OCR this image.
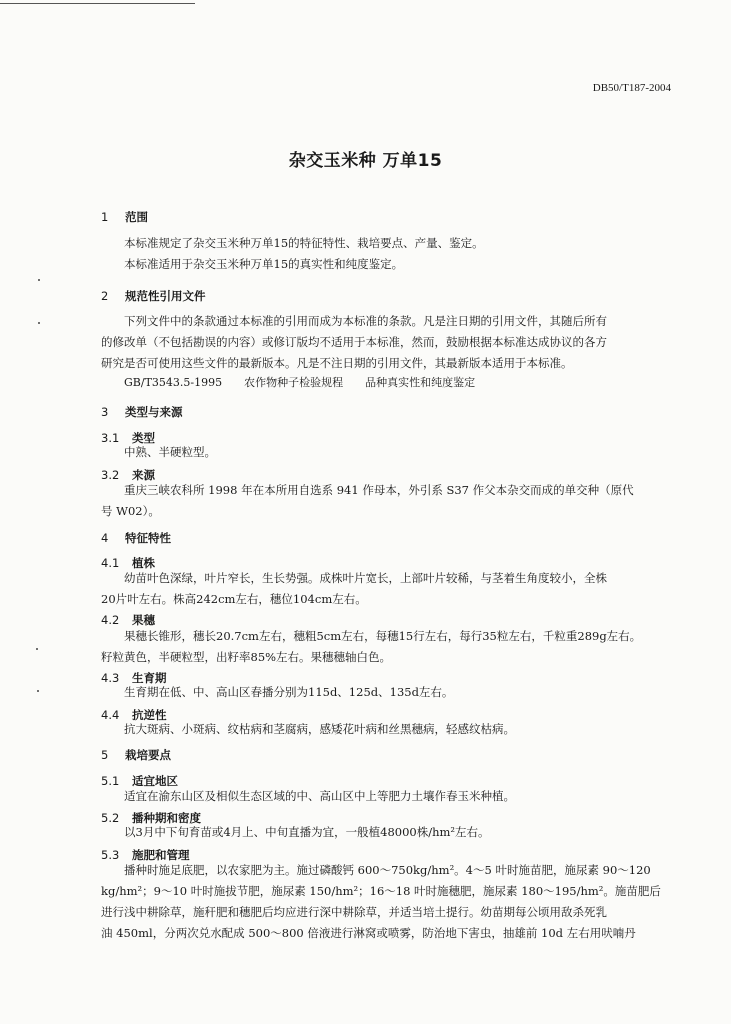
DB50/T187-2004
杂交玉米种 万单15
1 范围
本标准规定了杂交玉米种万单15的特征特性、栽培要点、产量、鉴定。
本标准适用于杂交玉米种万单15的真实性和纯度鉴定。
2 规范性引用文件
下列文件中的条款通过本标准的引用而成为本标准的条款。凡是注日期的引用文件，其随后所有
的修改单（不包括勘误的内容）或修订版均不适用于本标准，然而，鼓励根据本标准达成协议的各方
研究是否可使用这些文件的最新版本。凡是不注日期的引用文件，其最新版本适用于本标准。
GB/T3543.5-1995 农作物种子检验规程 品种真实性和纯度鉴定
3 类型与来源
3.1 类型
中熟、半硬粒型。
3.2 来源
重庆三峡农科所 1998 年在本所用自选系 941 作母本，外引系 S37 作父本杂交而成的单交种（原代
号 W02）。
4 特征特性
4.1 植株
幼苗叶色深绿，叶片窄长，生长势强。成株叶片宽长，上部叶片较稀，与茎着生角度较小，全株
20片叶左右。株高242cm左右，穗位104cm左右。
4.2 果穗
果穗长锥形，穗长20.7cm左右，穗粗5cm左右，每穗15行左右，每行35粒左右，千粒重289g左右。
籽粒黄色，半硬粒型，出籽率85%左右。果穗穗轴白色。
4.3 生育期
生育期在低、中、高山区春播分别为115d、125d、135d左右。
4.4 抗逆性
抗大斑病、小斑病、纹枯病和茎腐病，感矮花叶病和丝黑穗病，轻感纹枯病。
5 栽培要点
5.1 适宜地区
适宜在渝东山区及相似生态区域的中、高山区中上等肥力土壤作春玉米种植。
5.2 播种期和密度
以3月中下旬育苗或4月上、中旬直播为宜，一般植48000株/hm²左右。
5.3 施肥和管理
播种时施足底肥，以农家肥为主。施过磷酸钙 600～750kg/hm²。4～5 叶时施苗肥，施尿素 90～120
kg/hm²；9～10 叶时施拔节肥，施尿素 150/hm²；16～18 叶时施穗肥，施尿素 180～195/hm²。施苗肥后
进行浅中耕除草，施秆肥和穗肥后均应进行深中耕除草，并适当培土提行。幼苗期每公顷用敌杀死乳
油 450ml，分两次兑水配成 500～800 倍液进行淋窝或喷雾，防治地下害虫，抽雄前 10d 左右用吠喃丹
